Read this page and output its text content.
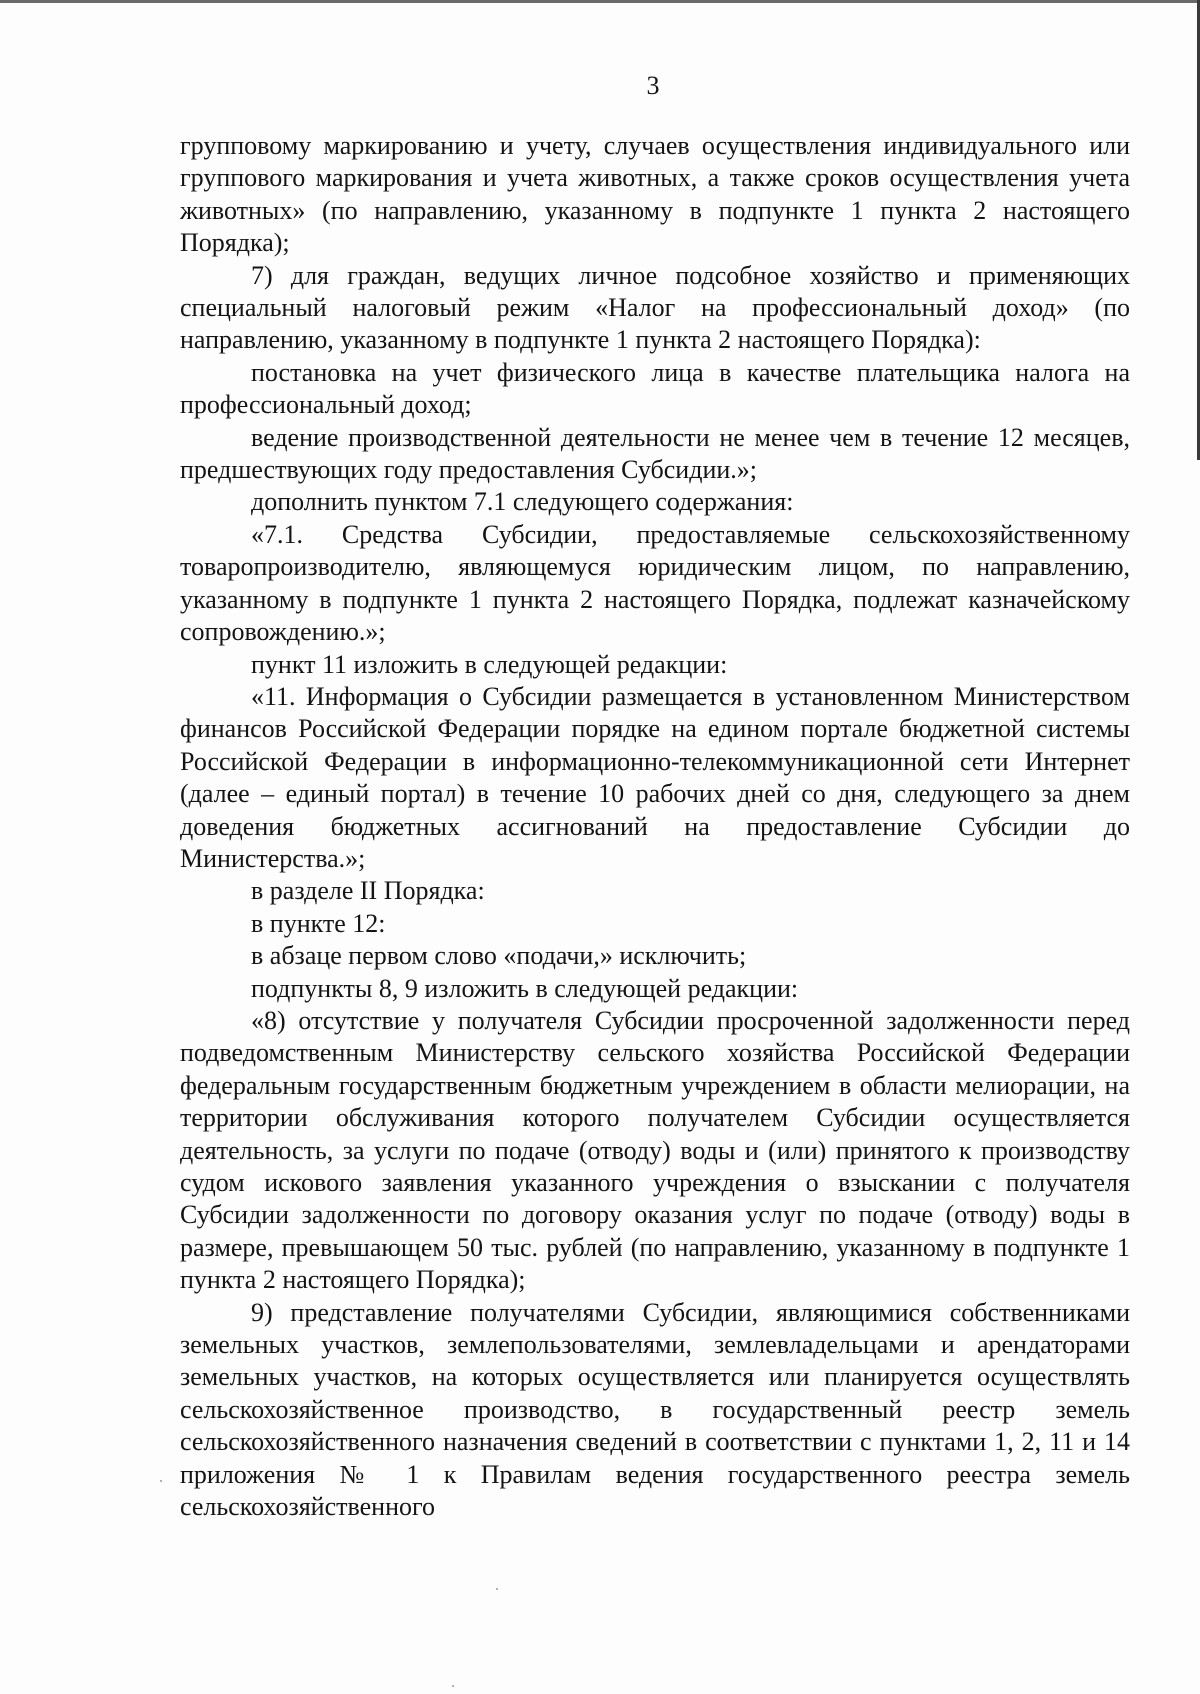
3

групповому маркированию и учету, случаев осуществления индивидуального или группового маркирования и учета животных, а также сроков осуществления учета животных» (по направлению, указанному в подпункте 1 пункта 2 настоящего Порядка);

7) для граждан, ведущих личное подсобное хозяйство и применяющих специальный налоговый режим «Налог на профессиональный доход» (по направлению, указанному в подпункте 1 пункта 2 настоящего Порядка):

постановка на учет физического лица в качестве плательщика налога на профессиональный доход;

ведение производственной деятельности не менее чем в течение 12 месяцев, предшествующих году предоставления Субсидии.»;

дополнить пунктом 7.1 следующего содержания:

«7.1. Средства Субсидии, предоставляемые сельскохозяйственному товаропроизводителю, являющемуся юридическим лицом, по направлению, указанному в подпункте 1 пункта 2 настоящего Порядка, подлежат казначейскому сопровождению.»;

пункт 11 изложить в следующей редакции:

«11. Информация о Субсидии размещается в установленном Министерством финансов Российской Федерации порядке на едином портале бюджетной системы Российской Федерации в информационно-телекоммуникационной сети Интернет (далее – единый портал) в течение 10 рабочих дней со дня, следующего за днем доведения бюджетных ассигнований на предоставление Субсидии до Министерства.»;

в разделе II Порядка:

в пункте 12:

в абзаце первом слово «подачи,» исключить;

подпункты 8, 9 изложить в следующей редакции:

«8) отсутствие у получателя Субсидии просроченной задолженности перед подведомственным Министерству сельского хозяйства Российской Федерации федеральным государственным бюджетным учреждением в области мелиорации, на территории обслуживания которого получателем Субсидии осуществляется деятельность, за услуги по подаче (отводу) воды и (или) принятого к производству судом искового заявления указанного учреждения о взыскании с получателя Субсидии задолженности по договору оказания услуг по подаче (отводу) воды в размере, превышающем 50 тыс. рублей (по направлению, указанному в подпункте 1 пункта 2 настоящего Порядка);

9) представление получателями Субсидии, являющимися собственниками земельных участков, землепользователями, землевладельцами и арендаторами земельных участков, на которых осуществляется или планируется осуществлять сельскохозяйственное производство, в государственный реестр земель сельскохозяйственного назначения сведений в соответствии с пунктами 1, 2, 11 и 14 приложения № 1 к Правилам ведения государственного реестра земель сельскохозяйственного
